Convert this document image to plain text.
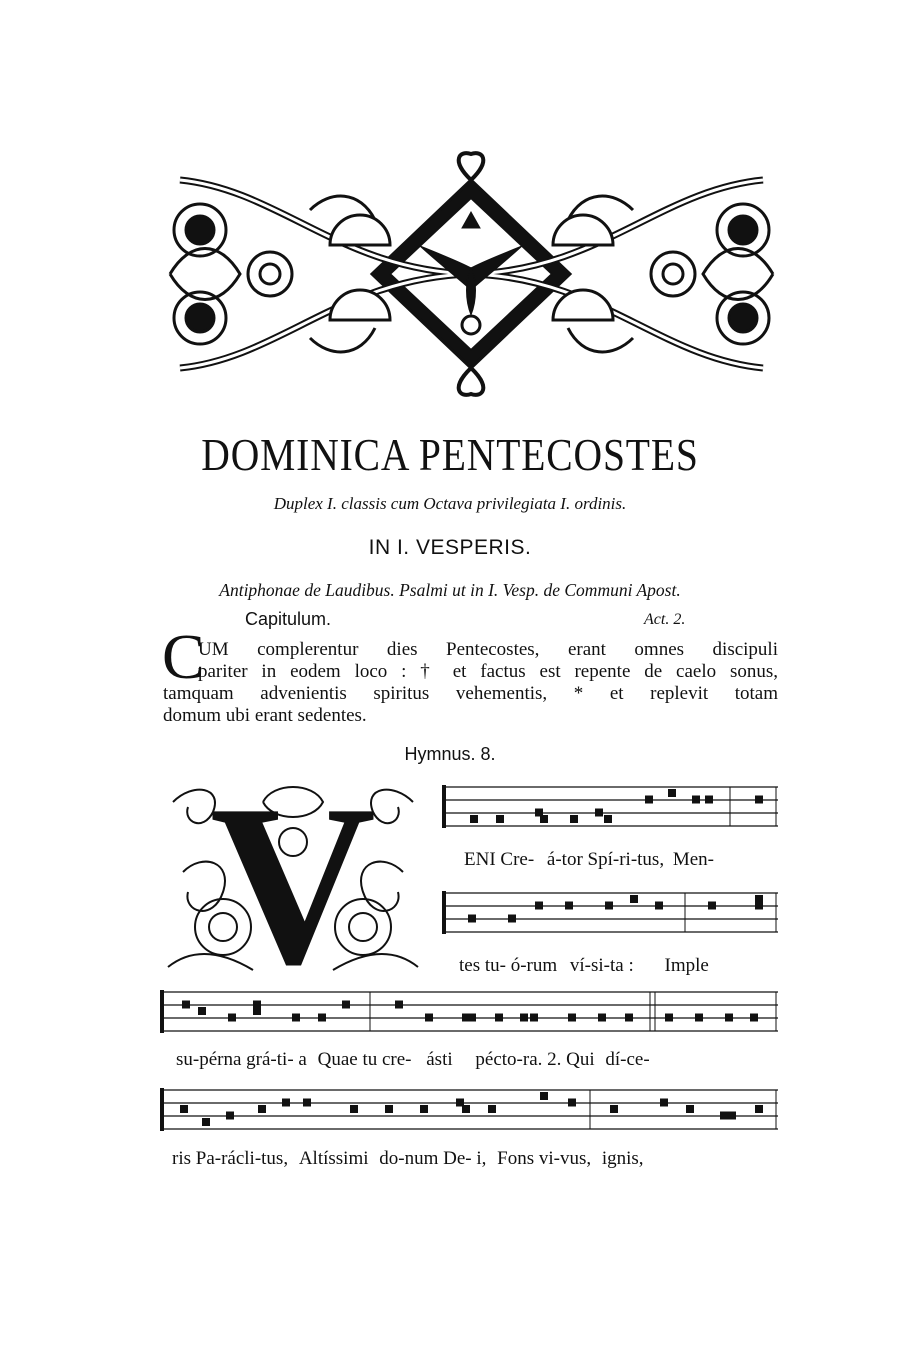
DOMINICA PENTECOSTES
Duplex I. classis cum Octava privilegiata I. ordinis.
IN I. VESPERIS.
Antiphonae de Laudibus. Psalmi ut in I. Vesp. de Communi Apost.
Capitulum.	Act. 2.
C
UM complerentur dies Pentecostes, erant omnes discipuli
pariter in eodem loco : † et factus est repente de caelo sonus,
tamquam advenientis spiritus vehementis, * et replevit totam
domum ubi erant sedentes.
Hymnus. 8.
V	ENI Cre- á-tor Spí-ri-tus, Men-
tes tu- ó-rum ví-si-ta : Imple
su-pérna grá-ti- a Quae tu cre- ásti pécto-ra. 2. Qui dí-ce-
ris Pa-rácli-tus, Altíssimi do-num De- i, Fons vi-vus, ignis,
